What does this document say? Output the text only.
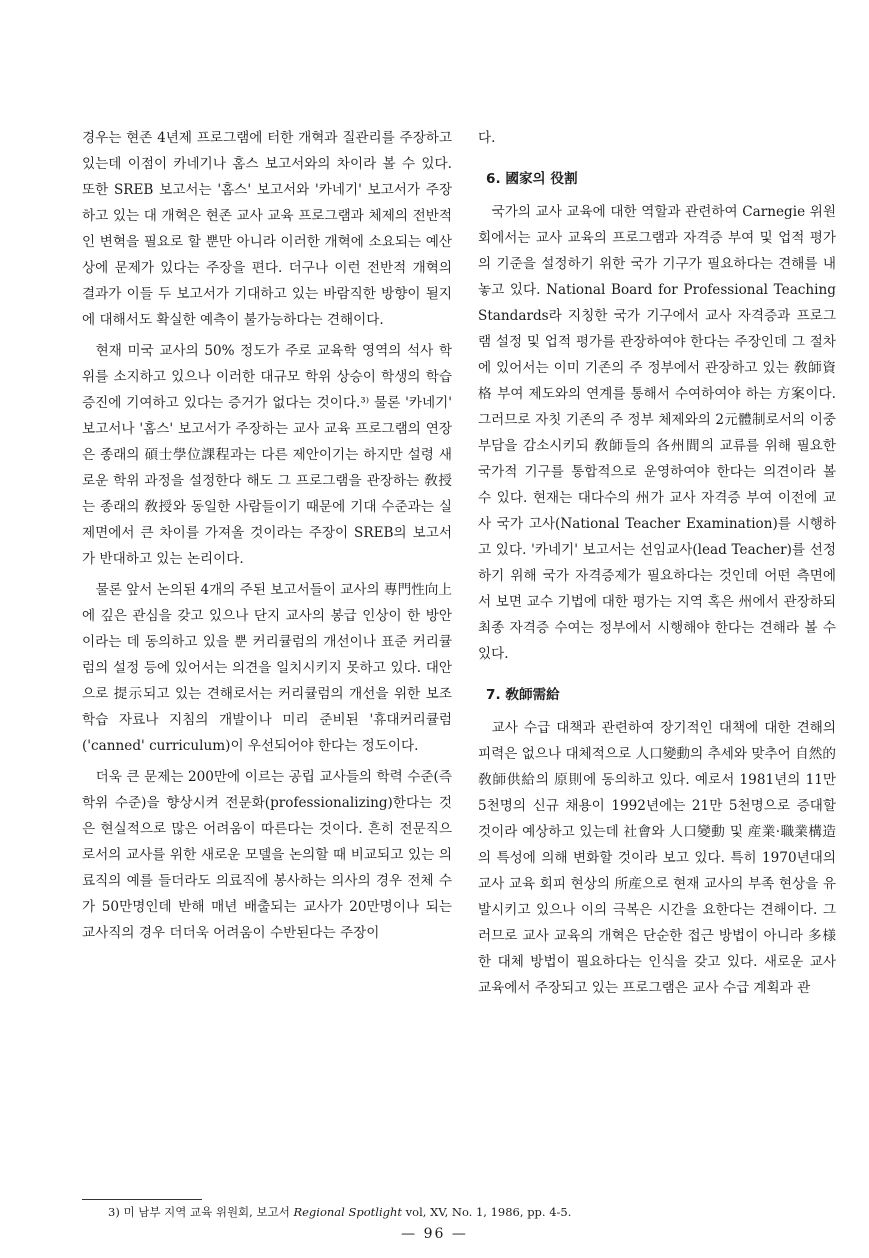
경우는 현존 4년제 프로그램에 터한 개혁과 질관리를 주장하고 있는데 이점이 카네기나 홈스 보고서와의 차이라 볼 수 있다. 또한 SREB 보고서는 '홈스' 보고서와 '카네기' 보고서가 주장하고 있는 대 개혁은 현존 교사 교육 프로그램과 체제의 전반적인 변혁을 필요로 할 뿐만 아니라 이러한 개혁에 소요되는 예산상에 문제가 있다는 주장을 편다. 더구나 이런 전반적 개혁의 결과가 이들 두 보고서가 기대하고 있는 바람직한 방향이 될지에 대해서도 확실한 예측이 불가능하다는 견해이다.

현재 미국 교사의 50% 정도가 주로 교육학 영역의 석사 학위를 소지하고 있으나 이러한 대규모 학위 상승이 학생의 학습 증진에 기여하고 있다는 증거가 없다는 것이다.³⁾ 물론 '카네기' 보고서나 '홈스' 보고서가 주장하는 교사 교육 프로그램의 연장은 종래의 碩士學位課程과는 다른 제안이기는 하지만 설령 새로운 학위 과정을 설정한다 해도 그 프로그램을 관장하는 敎授는 종래의 敎授와 동일한 사람들이기 때문에 기대 수준과는 실제면에서 큰 차이를 가져올 것이라는 주장이 SREB의 보고서가 반대하고 있는 논리이다.

물론 앞서 논의된 4개의 주된 보고서들이 교사의 專門性向上에 깊은 관심을 갖고 있으나 단지 교사의 봉급 인상이 한 방안이라는 데 동의하고 있을 뿐 커리큘럼의 개선이나 표준 커리큘럼의 설정 등에 있어서는 의견을 일치시키지 못하고 있다. 대안으로 提示되고 있는 견해로서는 커리큘럼의 개선을 위한 보조 학습 자료나 지침의 개발이나 미리 준비된 '휴대커리큘럼('canned' curriculum)이 우선되어야 한다는 정도이다.

더욱 큰 문제는 200만에 이르는 공립 교사들의 학력 수준(즉 학위 수준)을 향상시켜 전문화(professionalizing)한다는 것은 현실적으로 많은 어려움이 따른다는 것이다. 흔히 전문직으로서의 교사를 위한 새로운 모델을 논의할 때 비교되고 있는 의료직의 예를 들더라도 의료직에 봉사하는 의사의 경우 전체 수가 50만명인데 반해 매년 배출되는 교사가 20만명이나 되는 교사직의 경우 더더욱 어려움이 수반된다는 주장이

다.

6. 國家의 役割

국가의 교사 교육에 대한 역할과 관련하여 Carnegie 위원회에서는 교사 교육의 프로그램과 자격증 부여 및 업적 평가의 기준을 설정하기 위한 국가 기구가 필요하다는 견해를 내놓고 있다. National Board for Professional Teaching Standards라 지칭한 국가 기구에서 교사 자격증과 프로그램 설정 및 업적 평가를 관장하여야 한다는 주장인데 그 절차에 있어서는 이미 기존의 주 정부에서 관장하고 있는 敎師資格 부여 제도와의 연계를 통해서 수여하여야 하는 方案이다. 그러므로 자칫 기존의 주 정부 체제와의 2元體制로서의 이중 부담을 감소시키되 敎師들의 各州間의 교류를 위해 필요한 국가적 기구를 통합적으로 운영하여야 한다는 의견이라 볼 수 있다. 현재는 대다수의 州가 교사 자격증 부여 이전에 교사 국가 고사(National Teacher Examination)를 시행하고 있다. '카네기' 보고서는 선임교사(lead Teacher)를 선정하기 위해 국가 자격증제가 필요하다는 것인데 어떤 측면에서 보면 교수 기법에 대한 평가는 지역 혹은 州에서 관장하되 최종 자격증 수여는 정부에서 시행해야 한다는 견해라 볼 수 있다.

7. 敎師需給

교사 수급 대책과 관련하여 장기적인 대책에 대한 견해의 피력은 없으나 대체적으로 人口變動의 추세와 맞추어 自然的 敎師供給의 原則에 동의하고 있다. 예로서 1981년의 11만 5천명의 신규 채용이 1992년에는 21만 5천명으로 증대할 것이라 예상하고 있는데 社會와 人口變動 및 産業·職業構造의 특성에 의해 변화할 것이라 보고 있다. 특히 1970년대의 교사 교육 회피 현상의 所産으로 현재 교사의 부족 현상을 유발시키고 있으나 이의 극복은 시간을 요한다는 견해이다. 그러므로 교사 교육의 개혁은 단순한 접근 방법이 아니라 多様한 대체 방법이 필요하다는 인식을 갖고 있다. 새로운 교사 교육에서 주장되고 있는 프로그램은 교사 수급 계획과 관

3) 미 남부 지역 교육 위원회, 보고서 Regional Spotlight vol, XV, No. 1, 1986, pp. 4-5.
— 96 —
